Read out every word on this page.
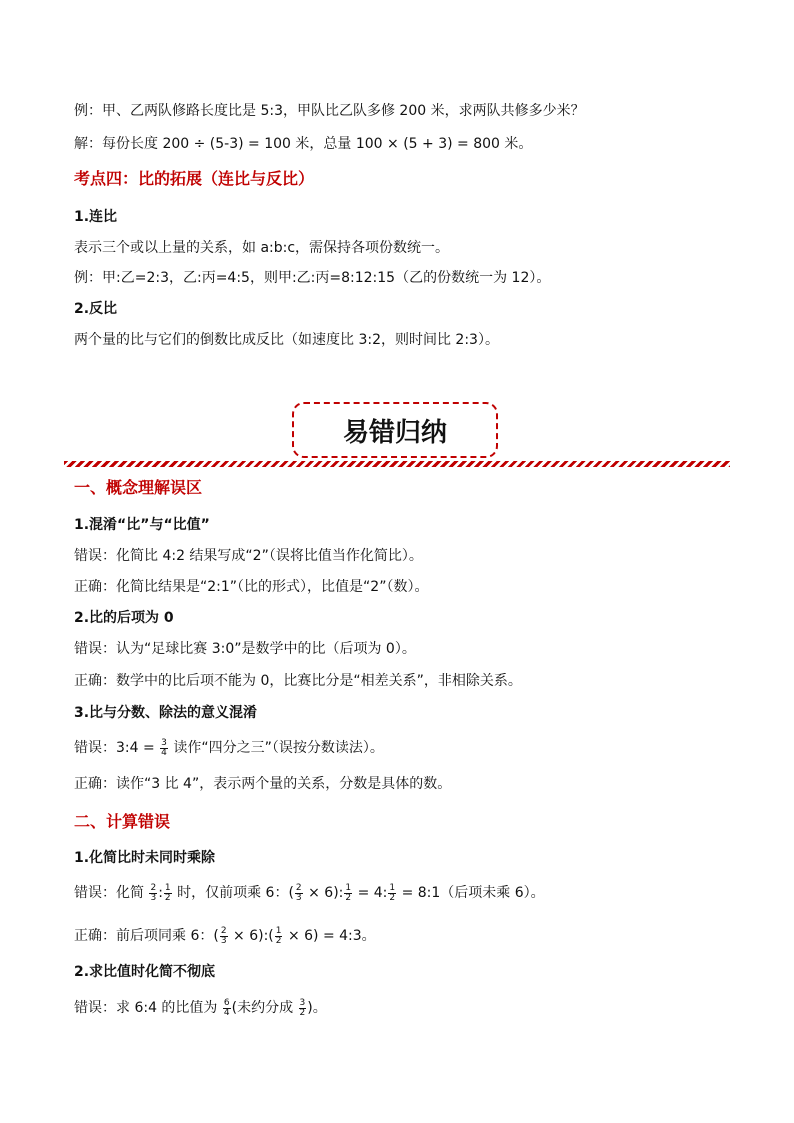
例：甲、乙两队修路长度比是 5:3，甲队比乙队多修 200 米，求两队共修多少米？
解：每份长度 200 ÷ (5-3) = 100 米，总量 100 × (5 + 3) = 800 米。
考点四：比的拓展（连比与反比）
1.连比
表示三个或以上量的关系，如 a:b:c，需保持各项份数统一。
例：甲:乙=2:3，乙:丙=4:5，则甲:乙:丙=8:12:15（乙的份数统一为 12）。
2.反比
两个量的比与它们的倒数比成反比（如速度比 3:2，则时间比 2:3）。
易错归纳
一、概念理解误区
1.混淆“比”与“比值”
错误：化简比 4:2 结果写成“2”（误将比值当作化简比）。
正确：化简比结果是“2:1”（比的形式），比值是“2”（数）。
2.比的后项为 0
错误：认为“足球比赛 3:0”是数学中的比（后项为 0）。
正确：数学中的比后项不能为 0，比赛比分是“相差关系”，非相除关系。
3.比与分数、除法的意义混淆
错误：3:4 = $\frac{3}{4}$ 读作“四分之三”（误按分数读法）。
正确：读作“3 比 4”，表示两个量的关系，分数是具体的数。
二、计算错误
1.化简比时未同时乘除
错误：化简 $\frac{2}{3}$ : $\frac{1}{2}$ 时，仅前项乘 6：( $\frac{2}{3} \times 6$): $\frac{1}{2} = 4$: $\frac{1}{2}$ = 8:1（后项未乘 6）。
正确：前后项同乘 6：( $\frac{2}{3}$ × 6):( $\frac{1}{2} \times 6$) = 4:3。
2.求比值时化简不彻底
错误：求 6:4 的比值为 $\frac{6}{4}$ (未约分成 $\frac{3}{2}$ )。
